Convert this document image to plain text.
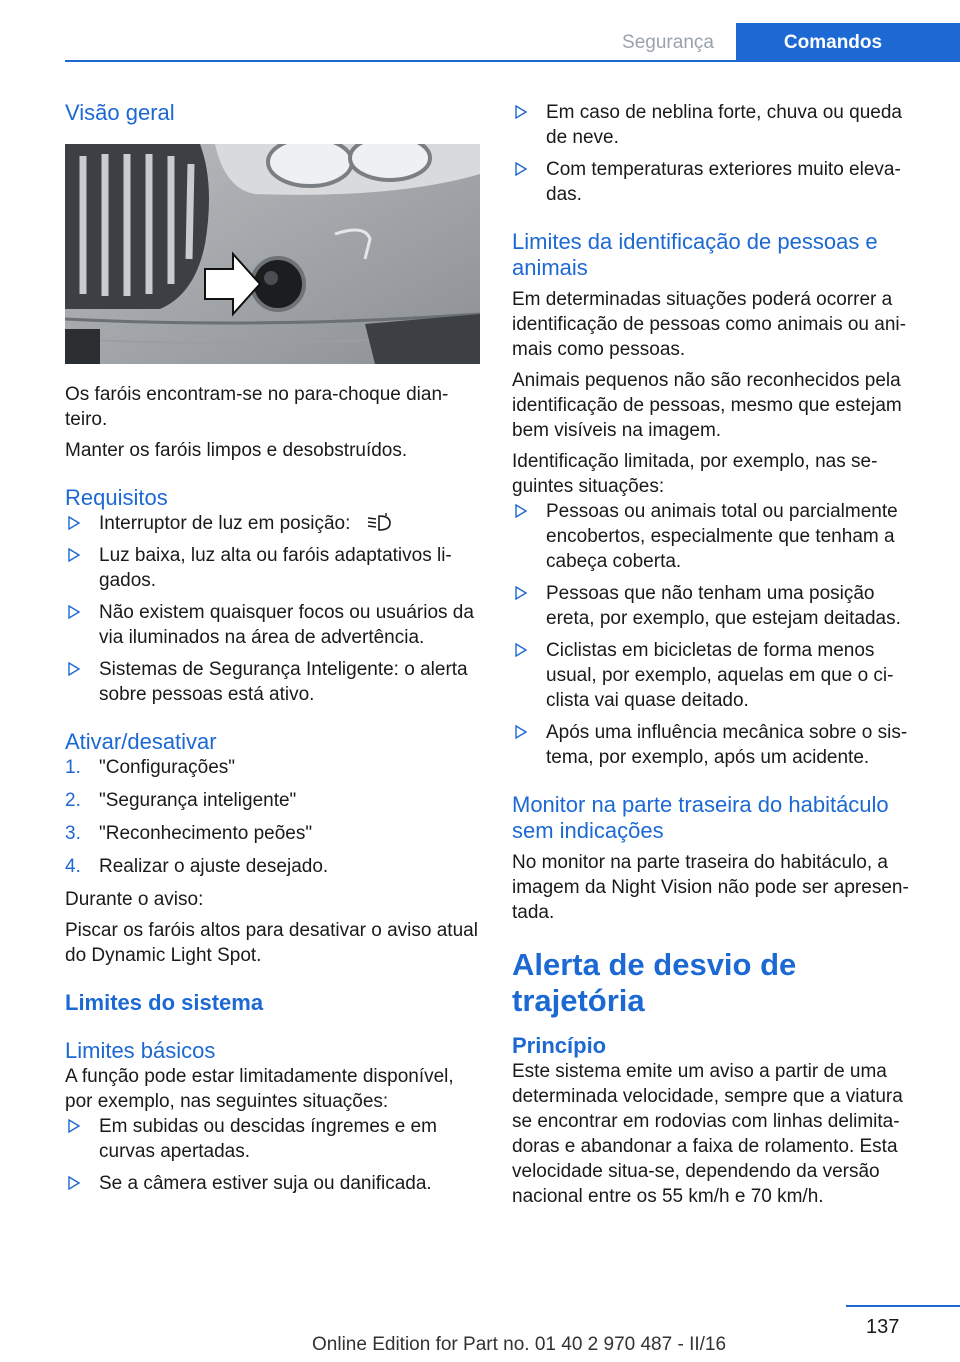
Segurança	Comandos
Visão geral

Os faróis encontram-se no para-choque dian-teiro.

Manter os faróis limpos e desobstruídos.

Requisitos
Interruptor de luz em posição:
Luz baixa, luz alta ou faróis adaptativos li-gados.
Não existem quaisquer focos ou usuários da via iluminados na área de advertência.
Sistemas de Segurança Inteligente: o alerta sobre pessoas está ativo.
Ativar/desativar
1. "Configurações"
2. "Segurança inteligente"
3. "Reconhecimento peões"
4. Realizar o ajuste desejado.

Durante o aviso:

Piscar os faróis altos para desativar o aviso atual do Dynamic Light Spot.

Limites do sistema
Limites básicos

A função pode estar limitadamente disponível, por exemplo, nas seguintes situações:

Em subidas ou descidas íngremes e em curvas apertadas.
Se a câmera estiver suja ou danificada.
Em caso de neblina forte, chuva ou queda de neve.
Com temperaturas exteriores muito eleva-das.
Limites da identificação de pessoas e animais

Em determinadas situações poderá ocorrer a identificação de pessoas como animais ou ani-mais como pessoas.

Animais pequenos não são reconhecidos pela identificação de pessoas, mesmo que estejam bem visíveis na imagem.

Identificação limitada, por exemplo, nas se-guintes situações:

Pessoas ou animais total ou parcialmente encobertos, especialmente que tenham a cabeça coberta.
Pessoas que não tenham uma posição ereta, por exemplo, que estejam deitadas.
Ciclistas em bicicletas de forma menos usual, por exemplo, aquelas em que o ci-clista vai quase deitado.
Após uma influência mecânica sobre o sis-tema, por exemplo, após um acidente.
Monitor na parte traseira do habitáculo sem indicações

No monitor na parte traseira do habitáculo, a imagem da Night Vision não pode ser apresen-tada.

Alerta de desvio de trajetória
Princípio

Este sistema emite um aviso a partir de uma determinada velocidade, sempre que a viatura se encontrar em rodovias com linhas delimita-doras e abandonar a faixa de rolamento. Esta velocidade situa-se, dependendo da versão nacional entre os 55 km/h e 70 km/h.

137
Online Edition for Part no. 01 40 2 970 487 - II/16
